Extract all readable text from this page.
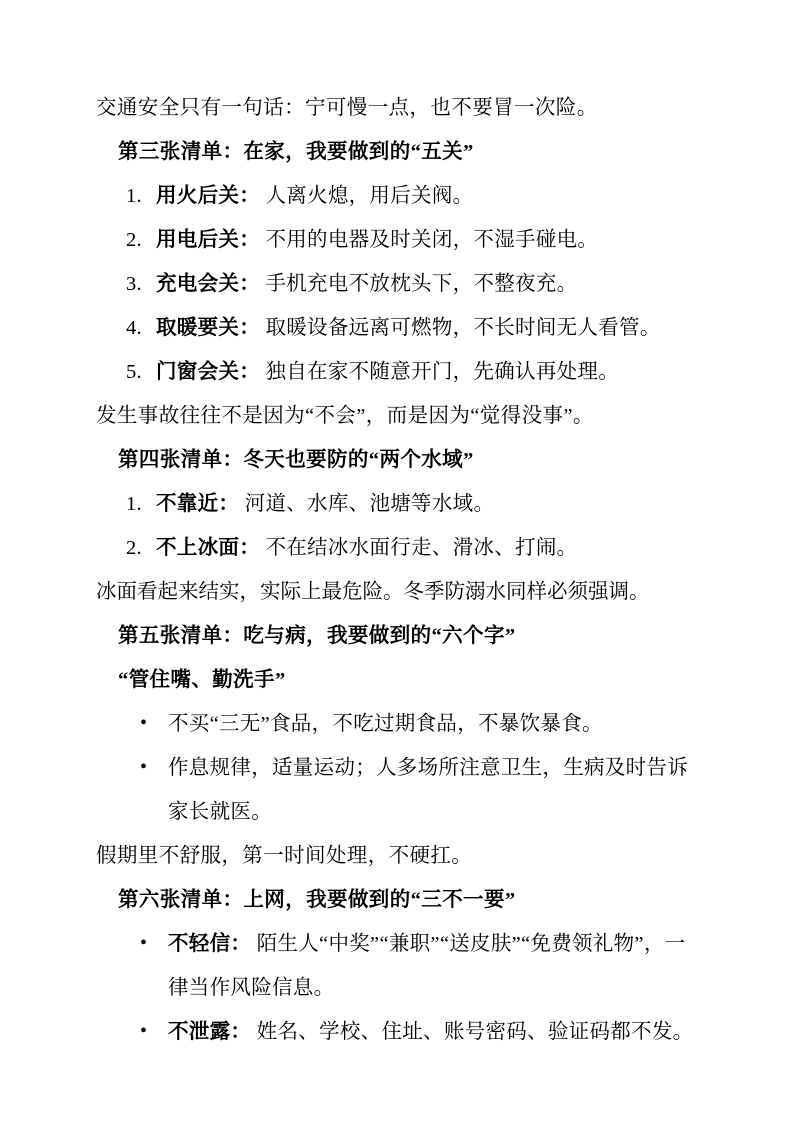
交通安全只有一句话：宁可慢一点，也不要冒一次险。

第三张清单：在家，我要做到的“五关”

1. 用火后关： 人离火熄，用后关阀。
2. 用电后关： 不用的电器及时关闭，不湿手碰电。
3. 充电会关： 手机充电不放枕头下，不整夜充。
4. 取暖要关： 取暖设备远离可燃物，不长时间无人看管。
5. 门窗会关： 独自在家不随意开门，先确认再处理。

发生事故往往不是因为“不会”，而是因为“觉得没事”。

第四张清单：冬天也要防的“两个水域”

1. 不靠近： 河道、水库、池塘等水域。
2. 不上冰面： 不在结冰水面行走、滑冰、打闹。

冰面看起来结实，实际上最危险。冬季防溺水同样必须强调。

第五张清单：吃与病，我要做到的“六个字”

“管住嘴、勤洗手”

• 不买“三无”食品，不吃过期食品，不暴饮暴食。
• 作息规律，适量运动；人多场所注意卫生，生病及时告诉家长就医。

假期里不舒服，第一时间处理，不硬扛。

第六张清单：上网，我要做到的“三不一要”

• 不轻信： 陌生人“中奖”“兼职”“送皮肤”“免费领礼物”，一律当作风险信息。
• 不泄露： 姓名、学校、住址、账号密码、验证码都不发。
